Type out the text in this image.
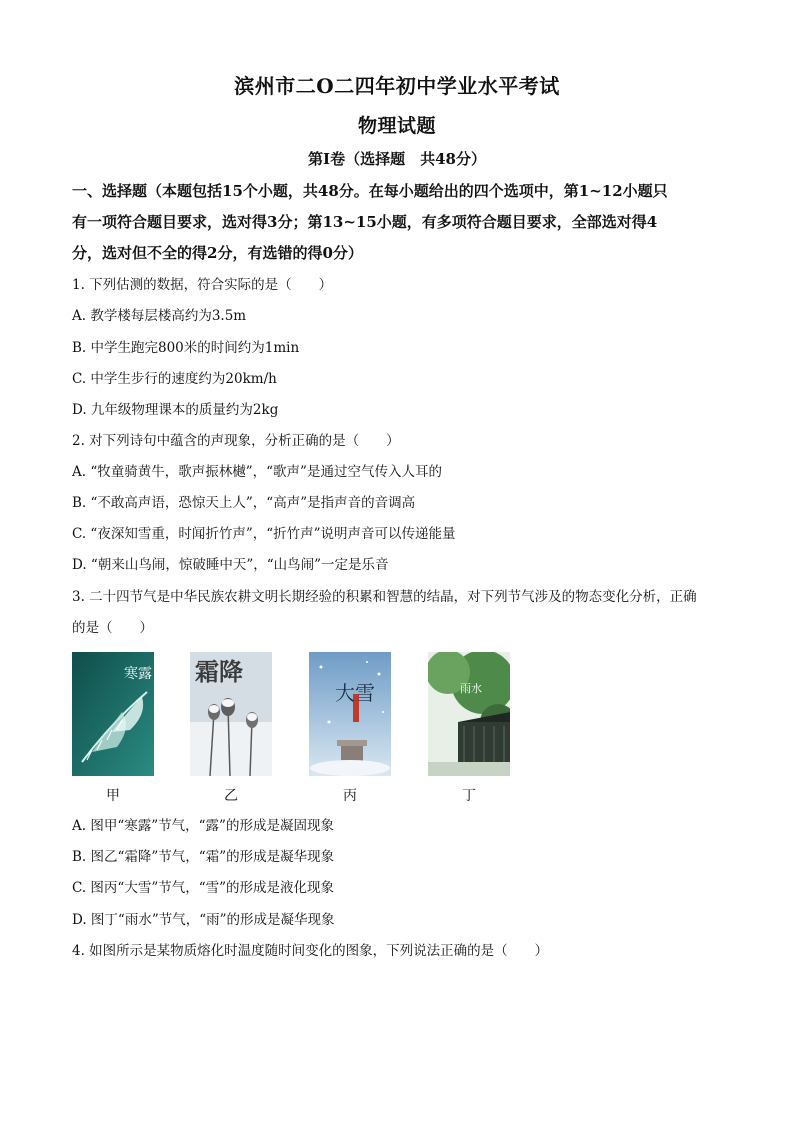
滨州市二O二四年初中学业水平考试
物理试题
第Ⅰ卷（选择题　共48分）
一、选择题（本题包括15个小题，共48分。在每小题给出的四个选项中，第1~12小题只
有一项符合题目要求，选对得3分；第13~15小题，有多项符合题目要求，全部选对得4
分，选对但不全的得2分，有选错的得0分）
1. 下列估测的数据，符合实际的是（　　）
A. 教学楼每层楼高约为3.5m
B. 中学生跑完800米的时间约为1min
C. 中学生步行的速度约为20km/h
D. 九年级物理课本的质量约为2kg
2. 对下列诗句中蕴含的声现象，分析正确的是（　　）
A. “牧童骑黄牛，歌声振林樾”，“歌声”是通过空气传入人耳的
B. “不敢高声语，恐惊天上人”，“高声”是指声音的音调高
C. “夜深知雪重，时闻折竹声”，“折竹声”说明声音可以传递能量
D. “朝来山鸟闹，惊破睡中天”，“山鸟闹”一定是乐音
3. 二十四节气是中华民族农耕文明长期经验的积累和智慧的结晶，对下列节气涉及的物态变化分析，正确
的是（　　）
寒露
甲
霜降
乙
大雪
丙
雨水
丁
A. 图甲“寒露”节气，“露”的形成是凝固现象
B. 图乙“霜降”节气，“霜”的形成是凝华现象
C. 图丙“大雪”节气，“雪”的形成是液化现象
D. 图丁“雨水”节气，“雨”的形成是凝华现象
4. 如图所示是某物质熔化时温度随时间变化的图象，下列说法正确的是（　　）
